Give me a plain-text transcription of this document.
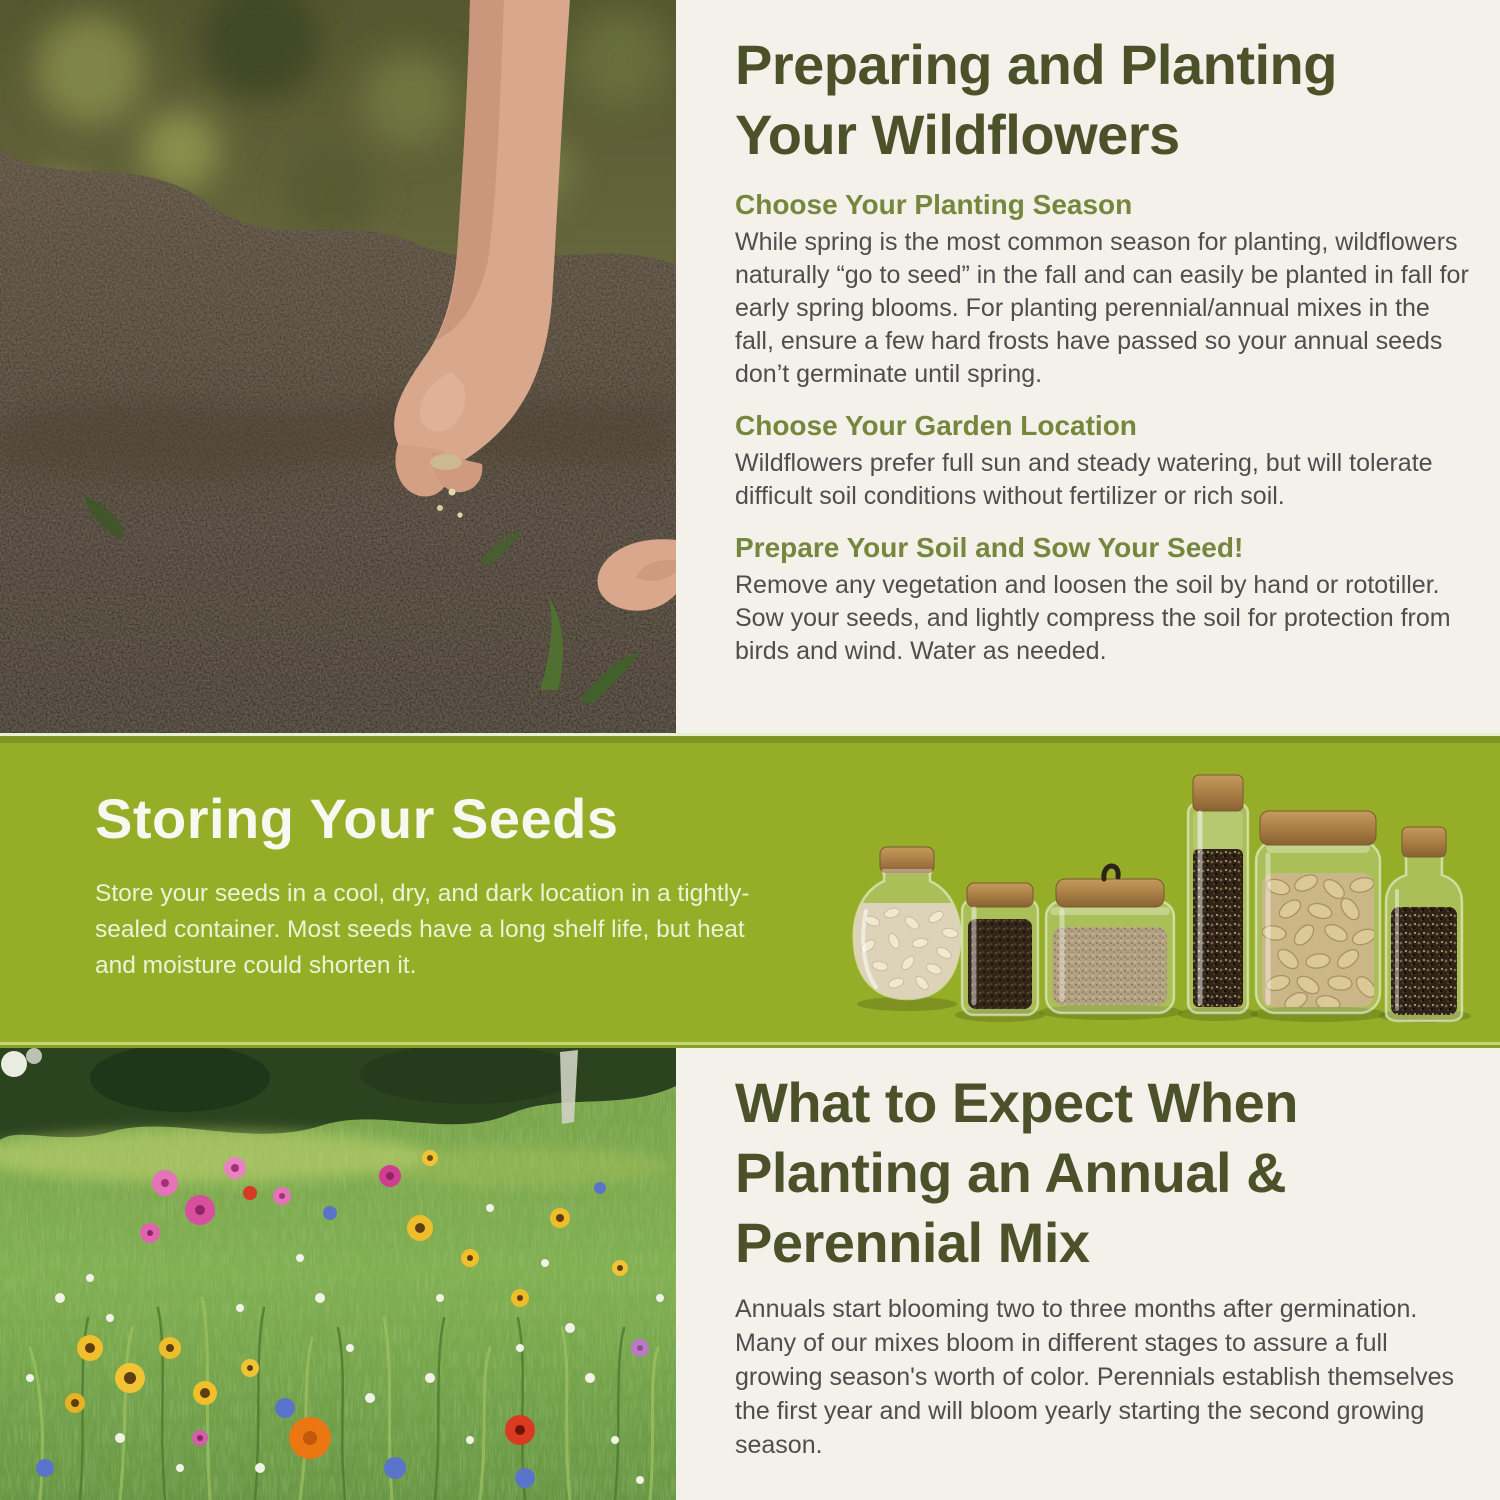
Preparing and Planting Your Wildflowers
Choose Your Planting Season

While spring is the most common season for planting, wildflowers naturally “go to seed” in the fall and can easily be planted in fall for early spring blooms. For planting perennial/annual mixes in the fall, ensure a few hard frosts have passed so your annual seeds don’t germinate until spring.

Choose Your Garden Location

Wildflowers prefer full sun and steady watering, but will tolerate difficult soil conditions without fertilizer or rich soil.

Prepare Your Soil and Sow Your Seed!

Remove any vegetation and loosen the soil by hand or rototiller. Sow your seeds, and lightly compress the soil for protection from birds and wind. Water as needed.

Storing Your Seeds

Store your seeds in a cool, dry, and dark location in a tightly-sealed container. Most seeds have a long shelf life, but heat and moisture could shorten it.

What to Expect When Planting an Annual & Perennial Mix

Annuals start blooming two to three months after germination. Many of our mixes bloom in different stages to assure a full growing season's worth of color. Perennials establish themselves the first year and will bloom yearly starting the second growing season.
